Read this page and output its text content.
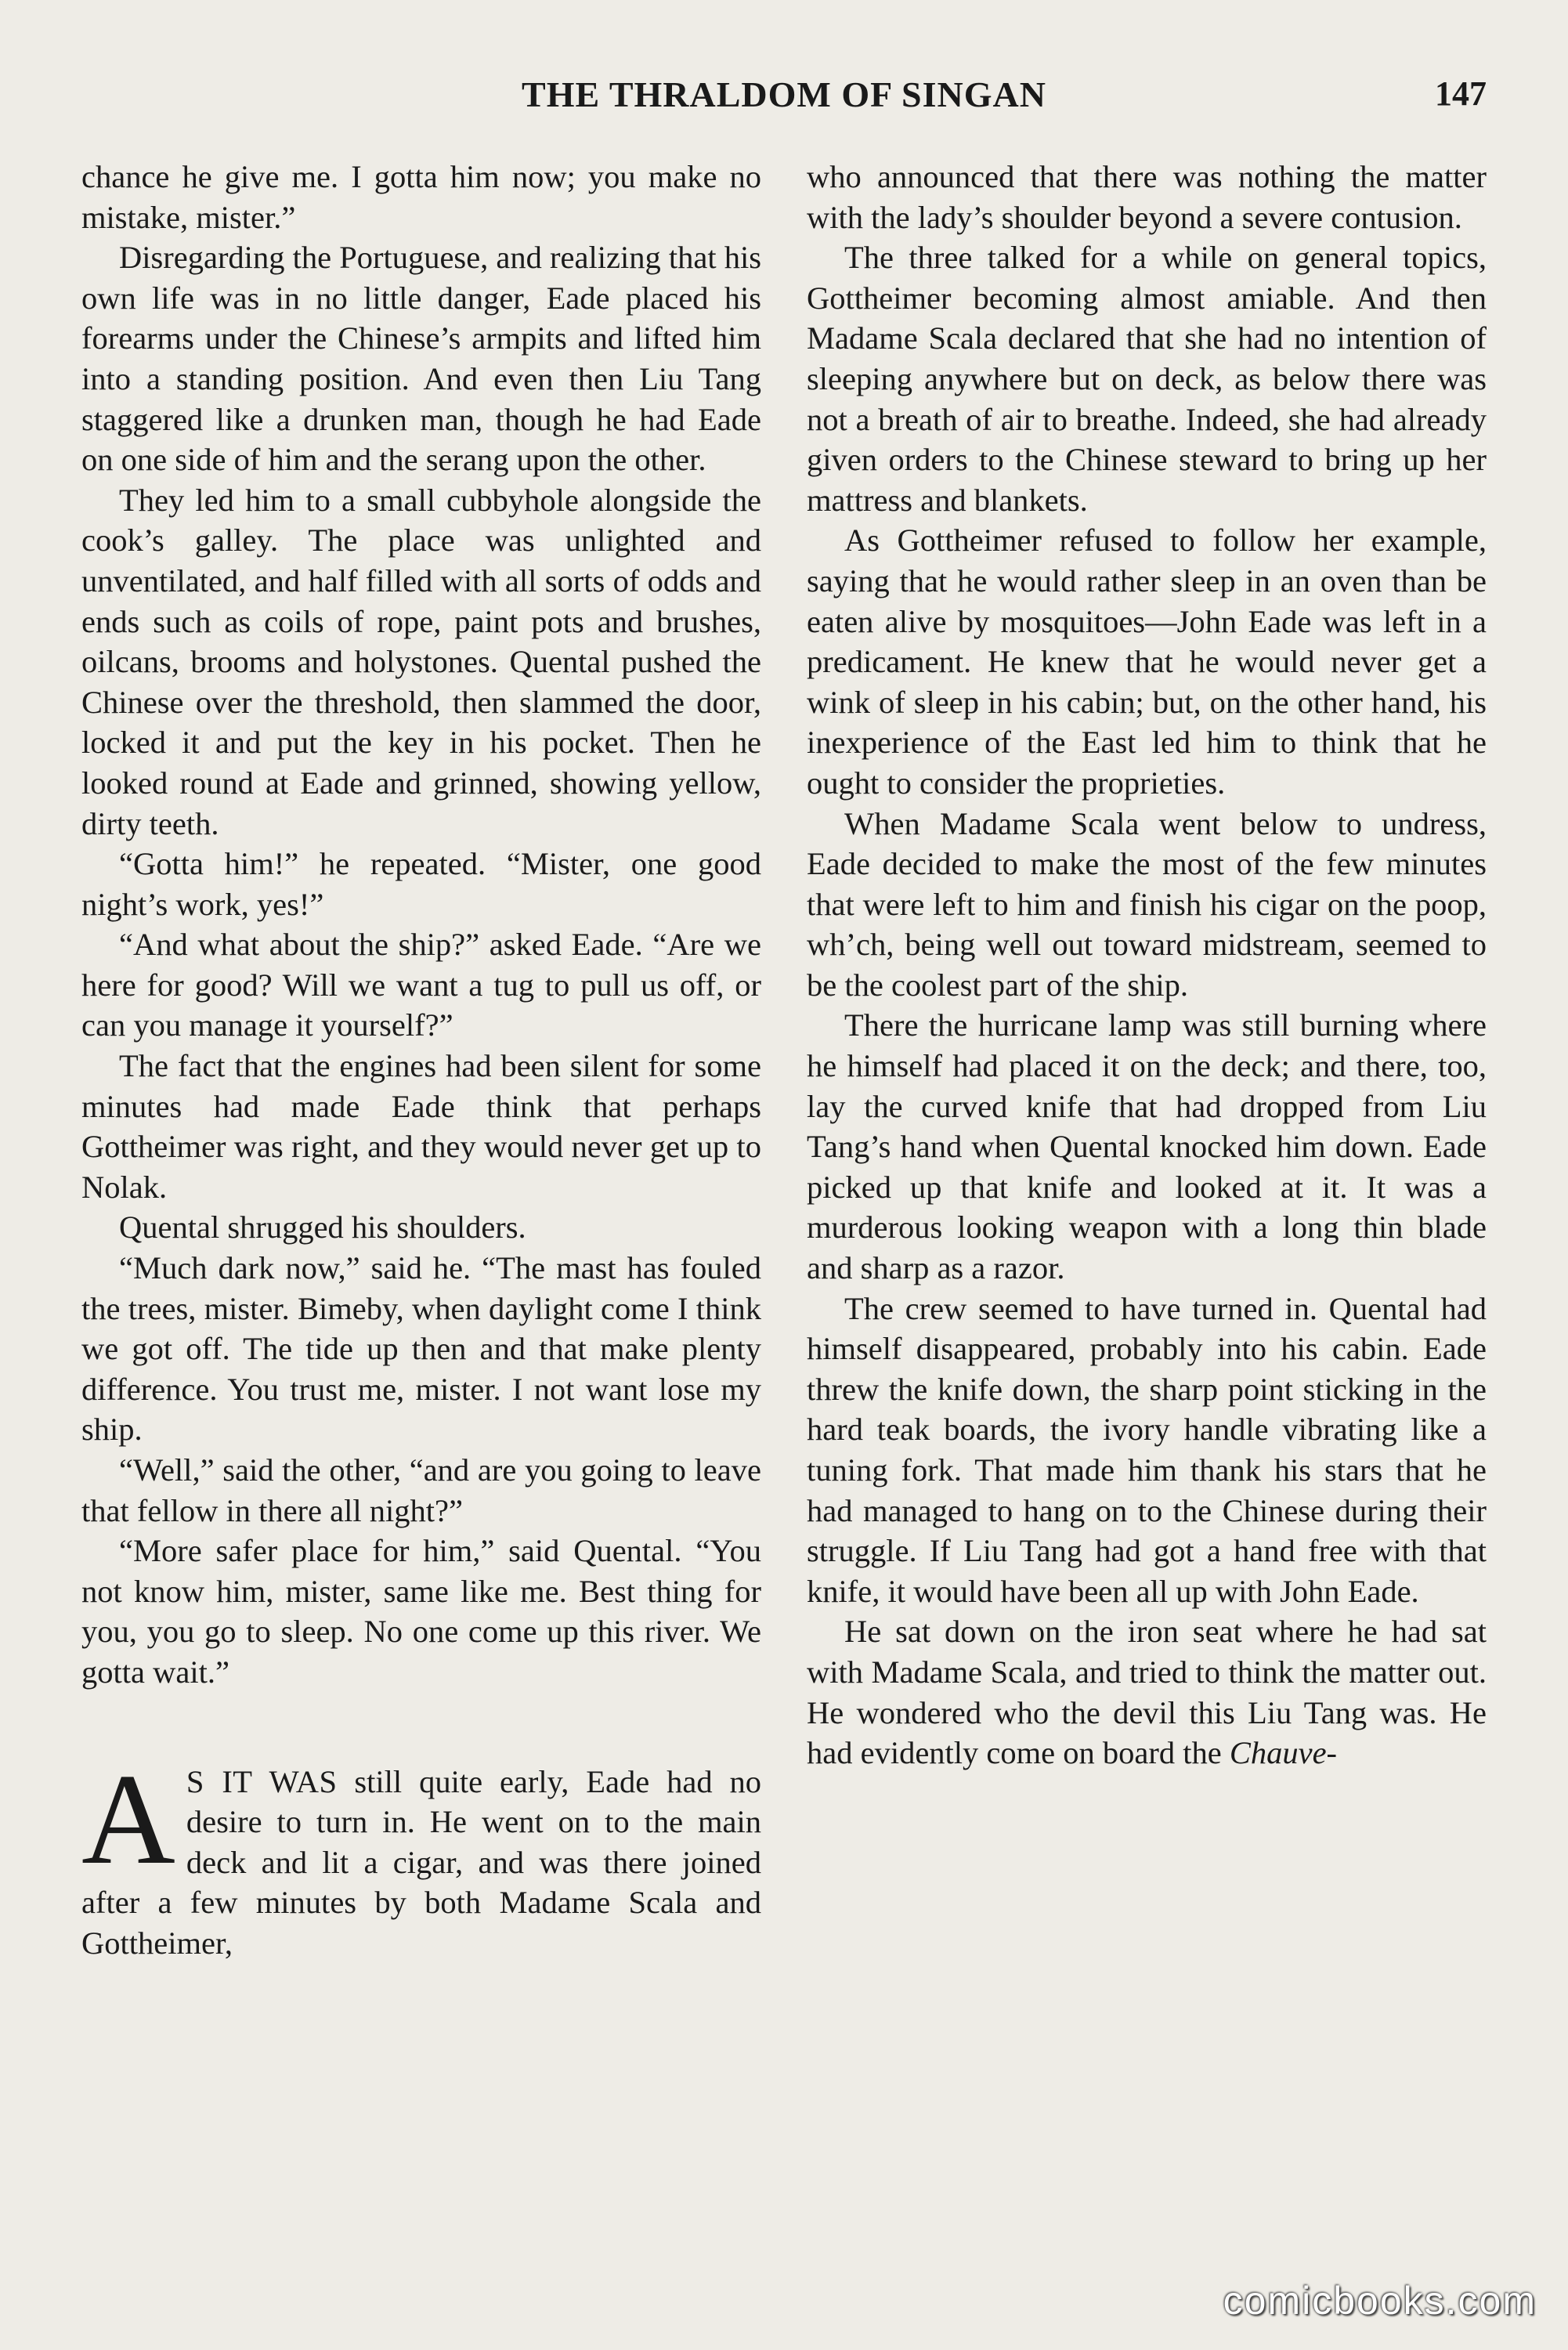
THE THRALDOM OF SINGAN	147

chance he give me. I gotta him now; you make no mistake, mister.”

Disregarding the Portuguese, and realizing that his own life was in no little danger, Eade placed his forearms under the Chinese’s armpits and lifted him into a standing position. And even then Liu Tang staggered like a drunken man, though he had Eade on one side of him and the serang upon the other.

They led him to a small cubbyhole alongside the cook’s galley. The place was unlighted and unventilated, and half filled with all sorts of odds and ends such as coils of rope, paint pots and brushes, oilcans, brooms and holystones. Quental pushed the Chinese over the threshold, then slammed the door, locked it and put the key in his pocket. Then he looked round at Eade and grinned, showing yellow, dirty teeth.

“Gotta him!” he repeated. “Mister, one good night’s work, yes!”

“And what about the ship?” asked Eade. “Are we here for good? Will we want a tug to pull us off, or can you manage it yourself?”

The fact that the engines had been silent for some minutes had made Eade think that perhaps Gottheimer was right, and they would never get up to Nolak.

Quental shrugged his shoulders.

“Much dark now,” said he. “The mast has fouled the trees, mister. Bimeby, when daylight come I think we got off. The tide up then and that make plenty difference. You trust me, mister. I not want lose my ship.

“Well,” said the other, “and are you going to leave that fellow in there all night?”

“More safer place for him,” said Quental. “You not know him, mister, same like me. Best thing for you, you go to sleep. No one come up this river. We gotta wait.”

A S IT WAS still quite early, Eade had no desire to turn in. He went on to the main deck and lit a cigar, and was there joined after a few minutes by both Madame Scala and Gottheimer,

who announced that there was nothing the matter with the lady’s shoulder beyond a severe contusion.

The three talked for a while on general topics, Gottheimer becoming almost amiable. And then Madame Scala declared that she had no intention of sleeping anywhere but on deck, as below there was not a breath of air to breathe. Indeed, she had already given orders to the Chinese steward to bring up her mattress and blankets.

As Gottheimer refused to follow her example, saying that he would rather sleep in an oven than be eaten alive by mosquitoes—John Eade was left in a predicament. He knew that he would never get a wink of sleep in his cabin; but, on the other hand, his inexperience of the East led him to think that he ought to consider the proprieties.

When Madame Scala went below to undress, Eade decided to make the most of the few minutes that were left to him and finish his cigar on the poop, wh’ch, being well out toward midstream, seemed to be the coolest part of the ship.

There the hurricane lamp was still burning where he himself had placed it on the deck; and there, too, lay the curved knife that had dropped from Liu Tang’s hand when Quental knocked him down. Eade picked up that knife and looked at it. It was a murderous looking weapon with a long thin blade and sharp as a razor.

The crew seemed to have turned in. Quental had himself disappeared, probably into his cabin. Eade threw the knife down, the sharp point sticking in the hard teak boards, the ivory handle vibrating like a tuning fork. That made him thank his stars that he had managed to hang on to the Chinese during their struggle. If Liu Tang had got a hand free with that knife, it would have been all up with John Eade.

He sat down on the iron seat where he had sat with Madame Scala, and tried to think the matter out. He wondered who the devil this Liu Tang was. He had evidently come on board the Chauve-

comicbooks.com
